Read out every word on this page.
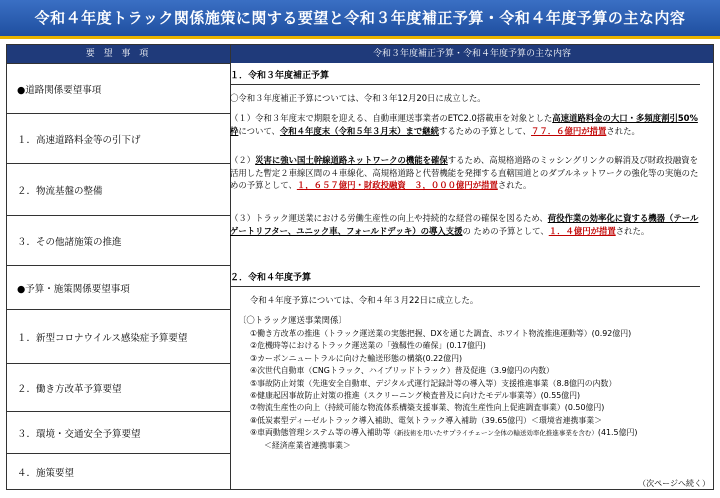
令和４年度トラック関係施策に関する要望と令和３年度補正予算・令和４年度予算の主な内容
要 望 事 項	令和３年度補正予算・令和４年度予算の主な内容
●道路関係要望事項
１．高速道路料金等の引下げ
２．物流基盤の整備
３．その他諸施策の推進
●予算・施策関係要望事項
１．新型コロナウイルス感染症予算要望
２．働き方改革予算要望
３．環境・交通安全予算要望
４．施策要望
１．令和３年度補正予算
〇令和３年度補正予算については、令和３年12月20日に成立した。
（１）令和３年度末で期限を迎える、自動車運送事業者のETC2.0搭載車を対象とした高速道路料金の大口・多頻度割引50%枠について、令和４年度末（令和５年３月末）まで継続するための予算として、７７．６億円が措置された。
（２）災害に強い国土幹線道路ネットワークの機能を確保するため、高規格道路のミッシングリンクの解消及び財政投融資を活用した暫定２車線区間の４車線化、高規格道路と代替機能を発揮する直轄国道とのダブルネットワークの強化等の実施のための予算として、１，６５７億円・財政投融資　３，０００億円が措置された。
（３）トラック運送業における労働生産性の向上や持続的な経営の確保を図るため、荷役作業の効率化に資する機器（テールゲートリフター、ユニック車、フォールドデッキ）の導入支援の ための予算として、１．４億円が措置された。
２．令和４年度予算
令和４年度予算については、令和４年３月22日に成立した。
〔〇トラック運送事業関係〕
①働き方改革の推進（トラック運送業の実態把握、DXを通じた調査、ホワイト物流推進運動等）(0.92億円)
②危機時等におけるトラック運送業の「強靱性の確保」(0.17億円)
③カーボンニュートラルに向けた輸送形態の構築(0.22億円)
④次世代自動車（CNGトラック、ハイブリッドトラック）普及促進（3.9億円の内数）
⑤事故防止対策（先進安全自動車、デジタル式運行記録計等の導入等）支援推進事業（8.8億円の内数）
⑥健康起因事故防止対策の推進（スクリーニング検査普及に向けたモデル事業等）(0.55億円)
⑦物流生産性の向上（持続可能な物流体系構築支援事業、物流生産性向上促進調査事業）(0.50億円)
⑧低炭素型ディーゼルトラック導入補助、電気トラック導入補助（39.65億円）＜環境省連携事業＞
⑨車両動態管理システム等の導入補助等（新技術を用いたサプライチェーン全体の輸送効率化推進事業を含む）(41.5億円)
＜経済産業省連携事業＞
（次ページへ続く）
